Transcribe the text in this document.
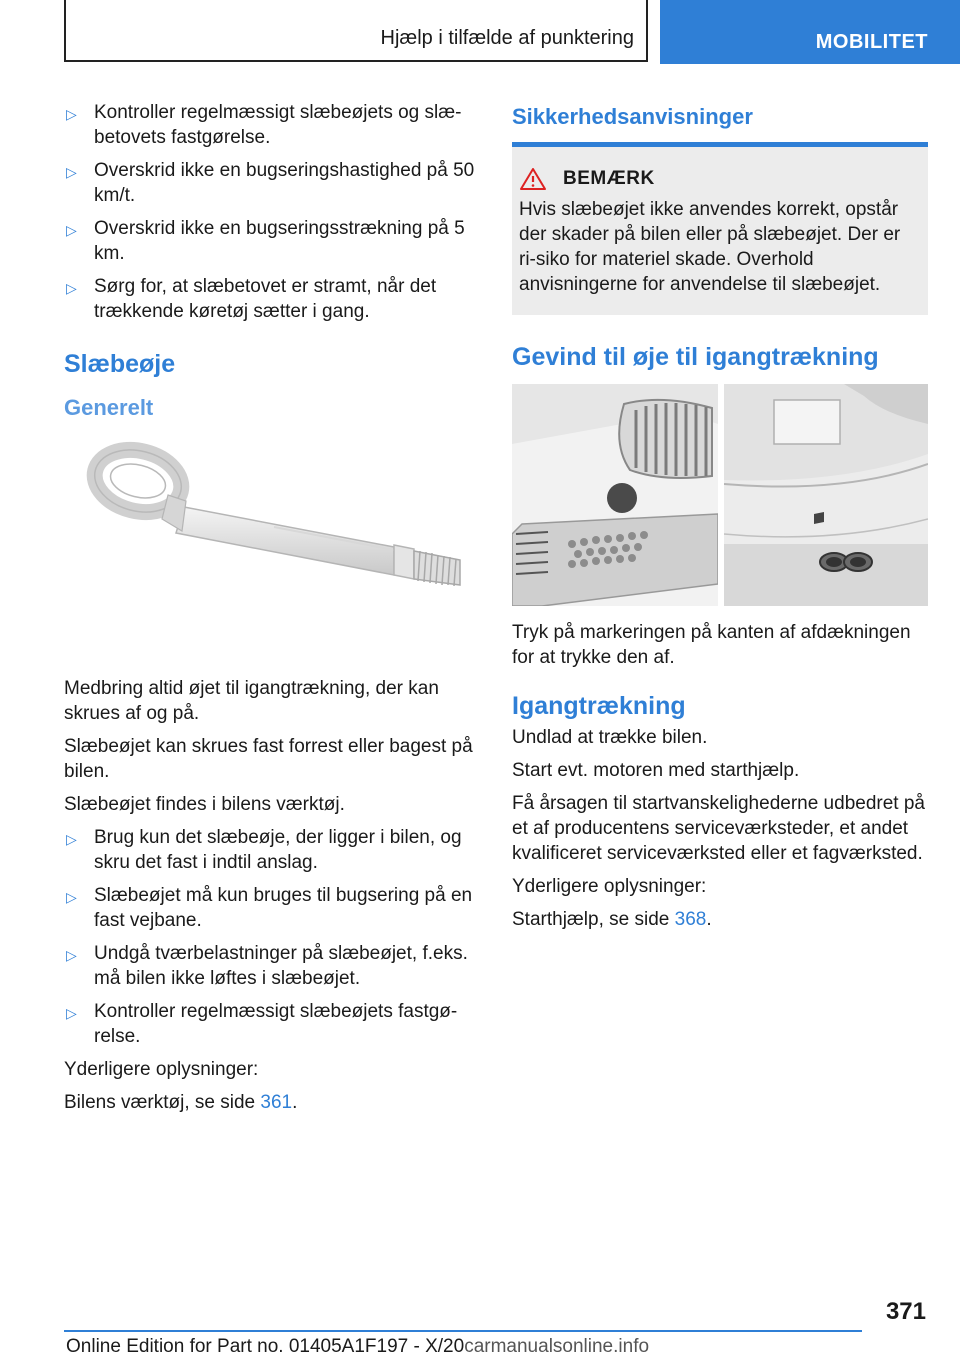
Hjælp i tilfælde af punktering	MOBILITET
▷ Kontroller regelmæssigt slæbeøjets og slæ-betovets fastgørelse.
▷ Overskrid ikke en bugseringshastighed på 50 km/t.
▷ Overskrid ikke en bugseringsstrækning på 5 km.
▷ Sørg for, at slæbetovet er stramt, når det trækkende køretøj sætter i gang.
Slæbeøje
Generelt

Medbring altid øjet til igangtrækning, der kan skrues af og på.

Slæbeøjet kan skrues fast forrest eller bagest på bilen.

Slæbeøjet findes i bilens værktøj.

▷ Brug kun det slæbeøje, der ligger i bilen, og skru det fast i indtil anslag.
▷ Slæbeøjet må kun bruges til bugsering på en fast vejbane.
▷ Undgå tværbelastninger på slæbeøjet, f.eks. må bilen ikke løftes i slæbeøjet.
▷ Kontroller regelmæssigt slæbeøjets fastgø-relse.

Yderligere oplysninger:

Bilens værktøj, se side 361.

Sikkerhedsanvisninger
BEMÆRK

Hvis slæbeøjet ikke anvendes korrekt, opstår der skader på bilen eller på slæbeøjet. Der er ri-siko for materiel skade. Overhold anvisningerne for anvendelse til slæbeøjet.

Gevind til øje til igangtrækning

Tryk på markeringen på kanten af afdækningen for at trykke den af.

Igangtrækning

Undlad at trække bilen.

Start evt. motoren med starthjælp.

Få årsagen til startvanskelighederne udbedret på et af producentens serviceværksteder, et andet kvalificeret serviceværksted eller et fagværksted.

Yderligere oplysninger:

Starthjælp, se side 368.

371
Online Edition for Part no. 01405A1F197 - X/20carmanualsonline.info
